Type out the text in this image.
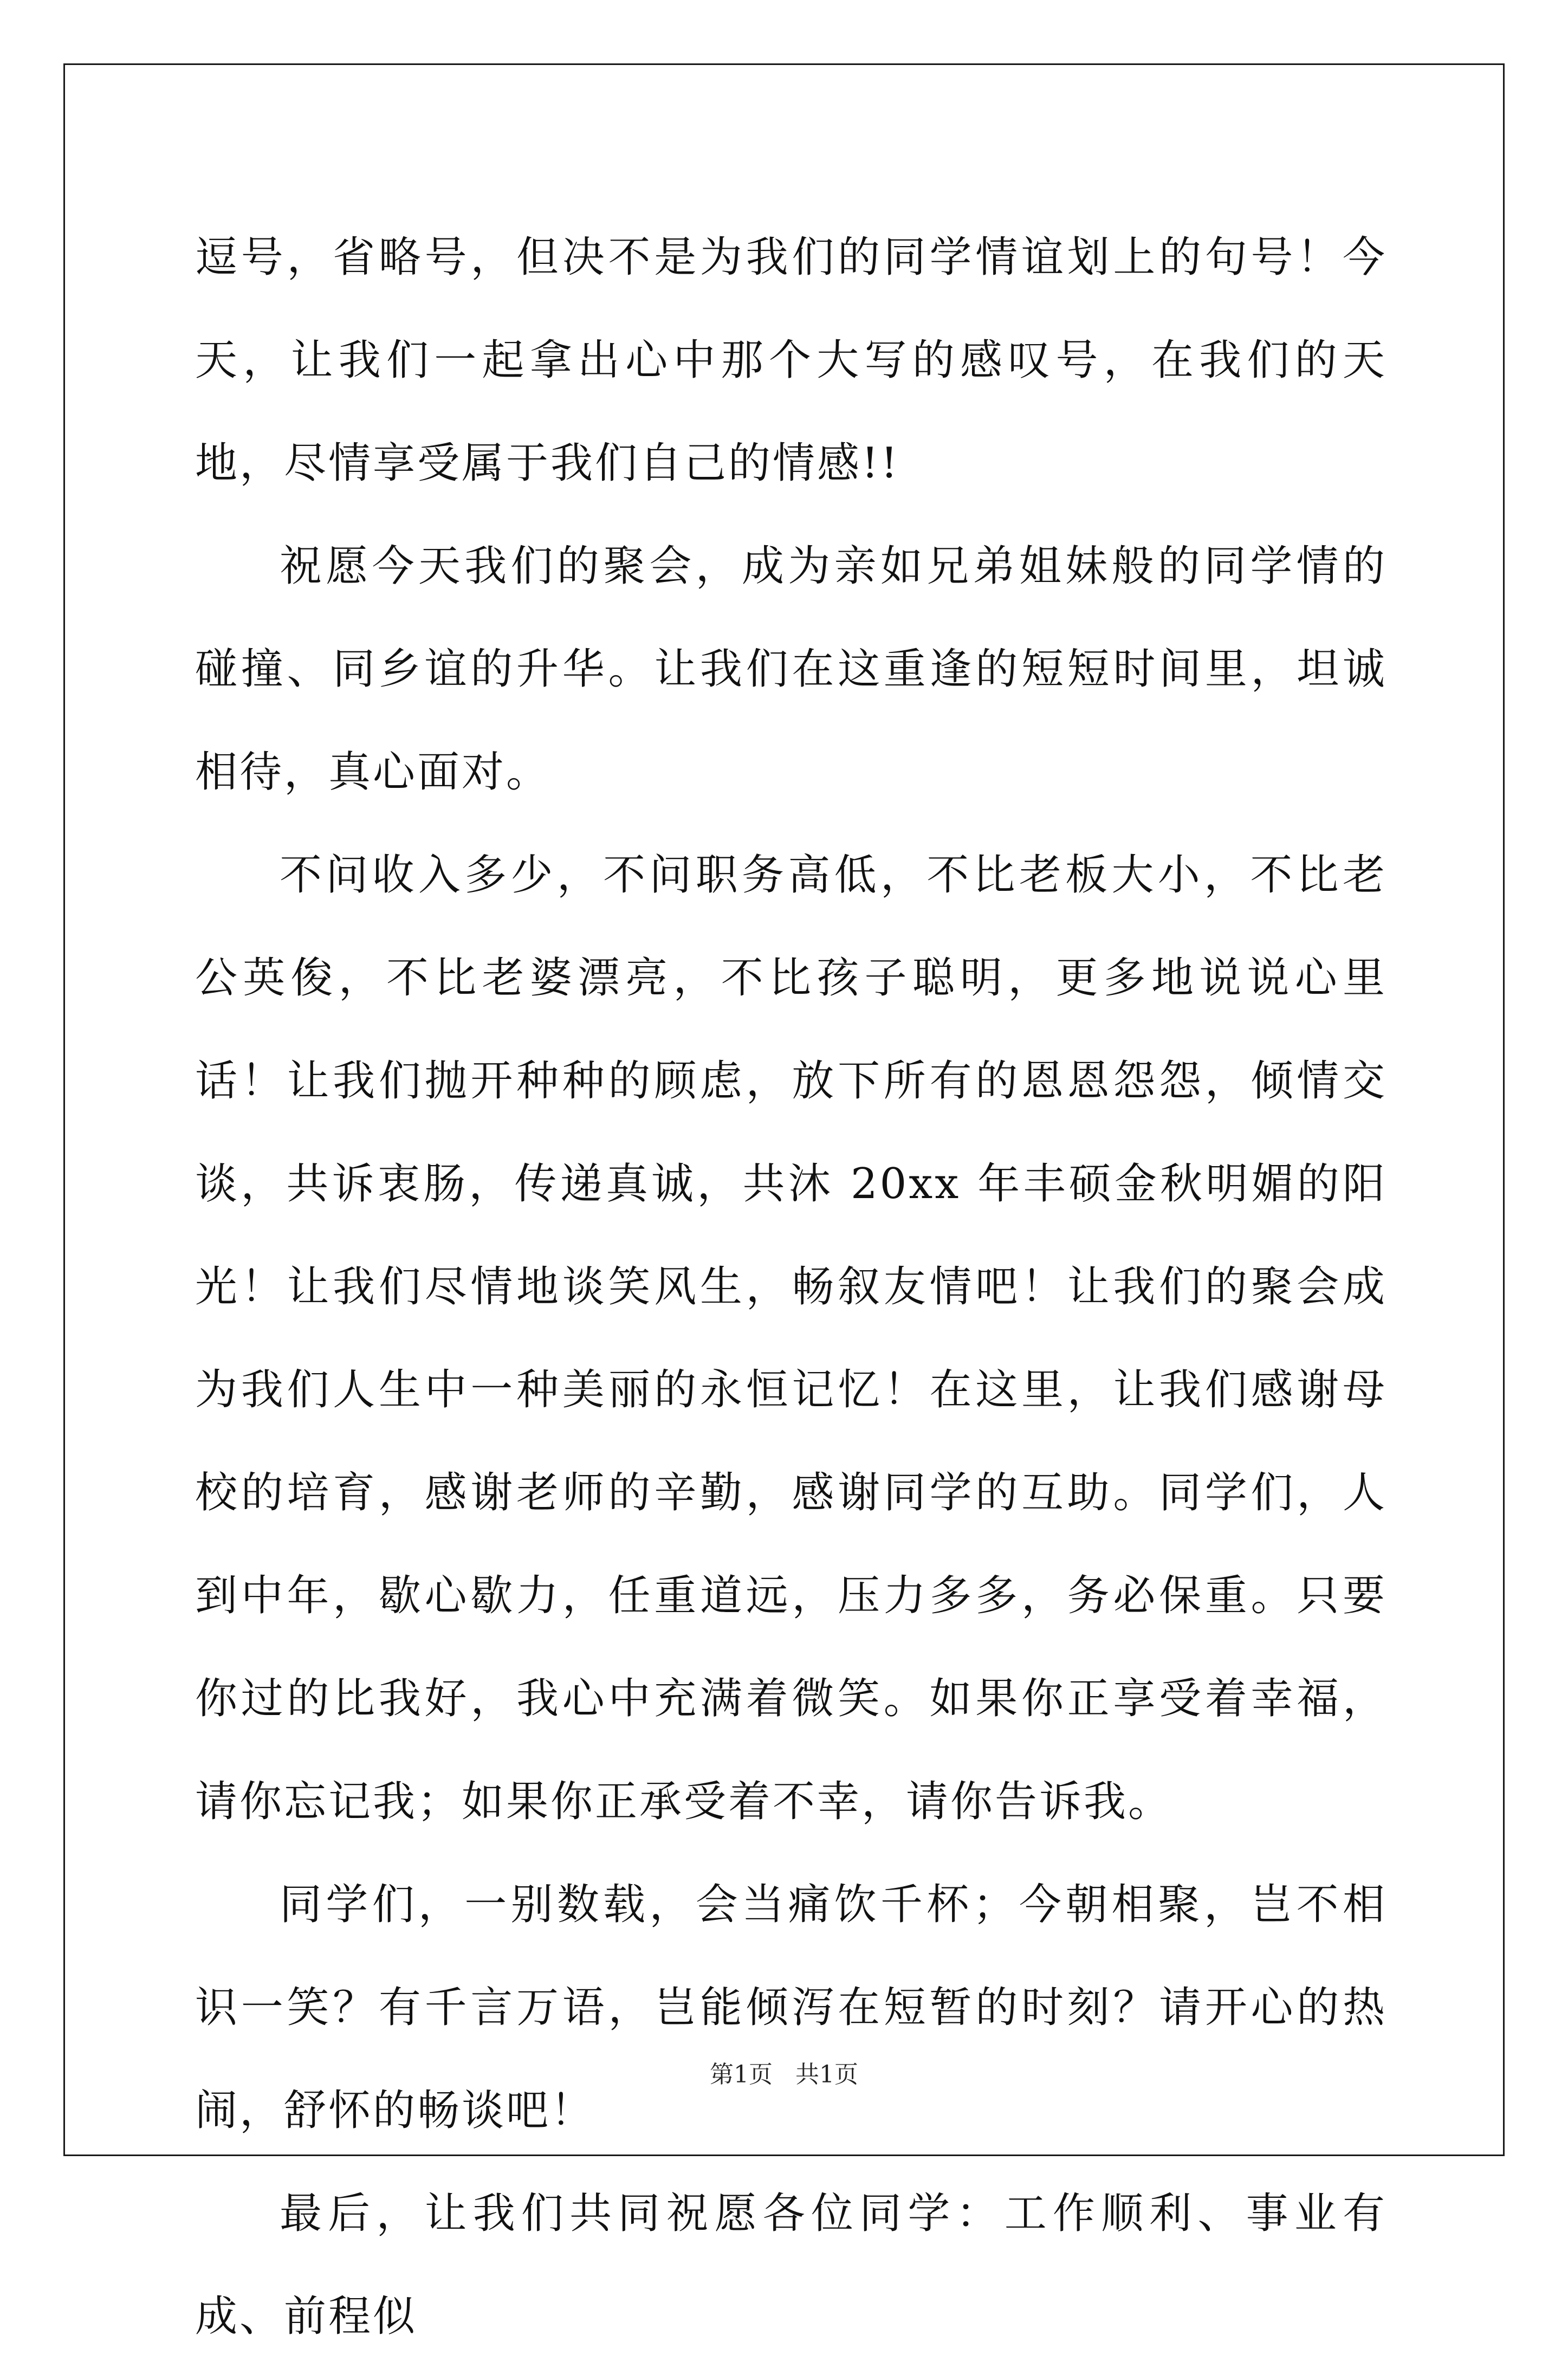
逗号，省略号，但决不是为我们的同学情谊划上的句号！今天，让我们一起拿出心中那个大写的感叹号，在我们的天地，尽情享受属于我们自己的情感!!

祝愿今天我们的聚会，成为亲如兄弟姐妹般的同学情的碰撞、同乡谊的升华。让我们在这重逢的短短时间里，坦诚相待，真心面对。

不问收入多少，不问职务高低，不比老板大小，不比老公英俊，不比老婆漂亮，不比孩子聪明，更多地说说心里话！让我们抛开种种的顾虑，放下所有的恩恩怨怨，倾情交谈，共诉衷肠，传递真诚，共沐 20xx 年丰硕金秋明媚的阳光！让我们尽情地谈笑风生，畅叙友情吧！让我们的聚会成为我们人生中一种美丽的永恒记忆！在这里，让我们感谢母校的培育，感谢老师的辛勤，感谢同学的互助。同学们，人到中年，歇心歇力，任重道远，压力多多，务必保重。只要你过的比我好，我心中充满着微笑。如果你正享受着幸福，请你忘记我；如果你正承受着不幸，请你告诉我。

同学们，一别数载，会当痛饮千杯；今朝相聚，岂不相识一笑？有千言万语，岂能倾泻在短暂的时刻？请开心的热闹，舒怀的畅谈吧！

最后，让我们共同祝愿各位同学：工作顺利、事业有成、前程似

第1页 共1页
